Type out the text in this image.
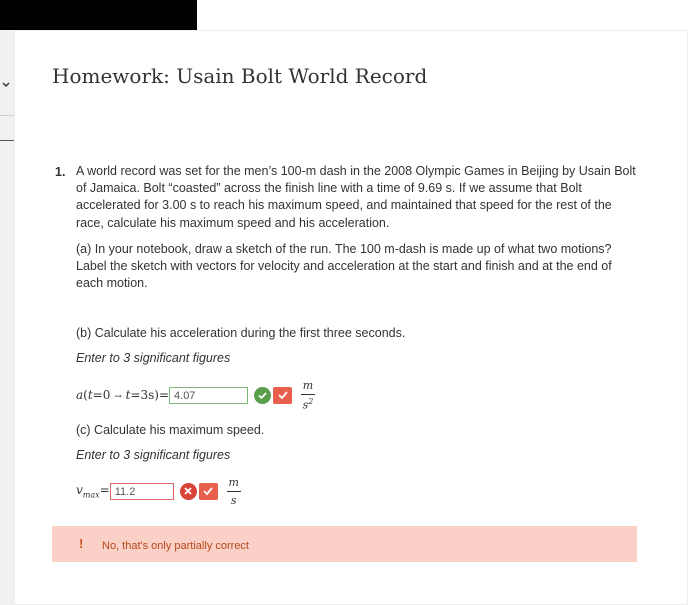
Homework: Usain Bolt World Record
1. A world record was set for the men’s 100-m dash in the 2008 Olympic Games in Beijing by Usain Bolt of Jamaica. Bolt “coasted” across the finish line with a time of 9.69 s. If we assume that Bolt accelerated for 3.00 s to reach his maximum speed, and maintained that speed for the rest of the race, calculate his maximum speed and his acceleration.

(a) In your notebook, draw a sketch of the run. The 100 m-dash is made up of what two motions? Label the sketch with vectors for velocity and acceleration at the start and finish and at the end of each motion.

(b) Calculate his acceleration during the first three seconds.

Enter to 3 significant figures

a(t=0 → t=3s)= 4.07	$\frac{m}{s^2}$

(c) Calculate his maximum speed.

Enter to 3 significant figures

$v_{max}= 11.2$	$\frac{m}{s}$
! No, that's only partially correct
